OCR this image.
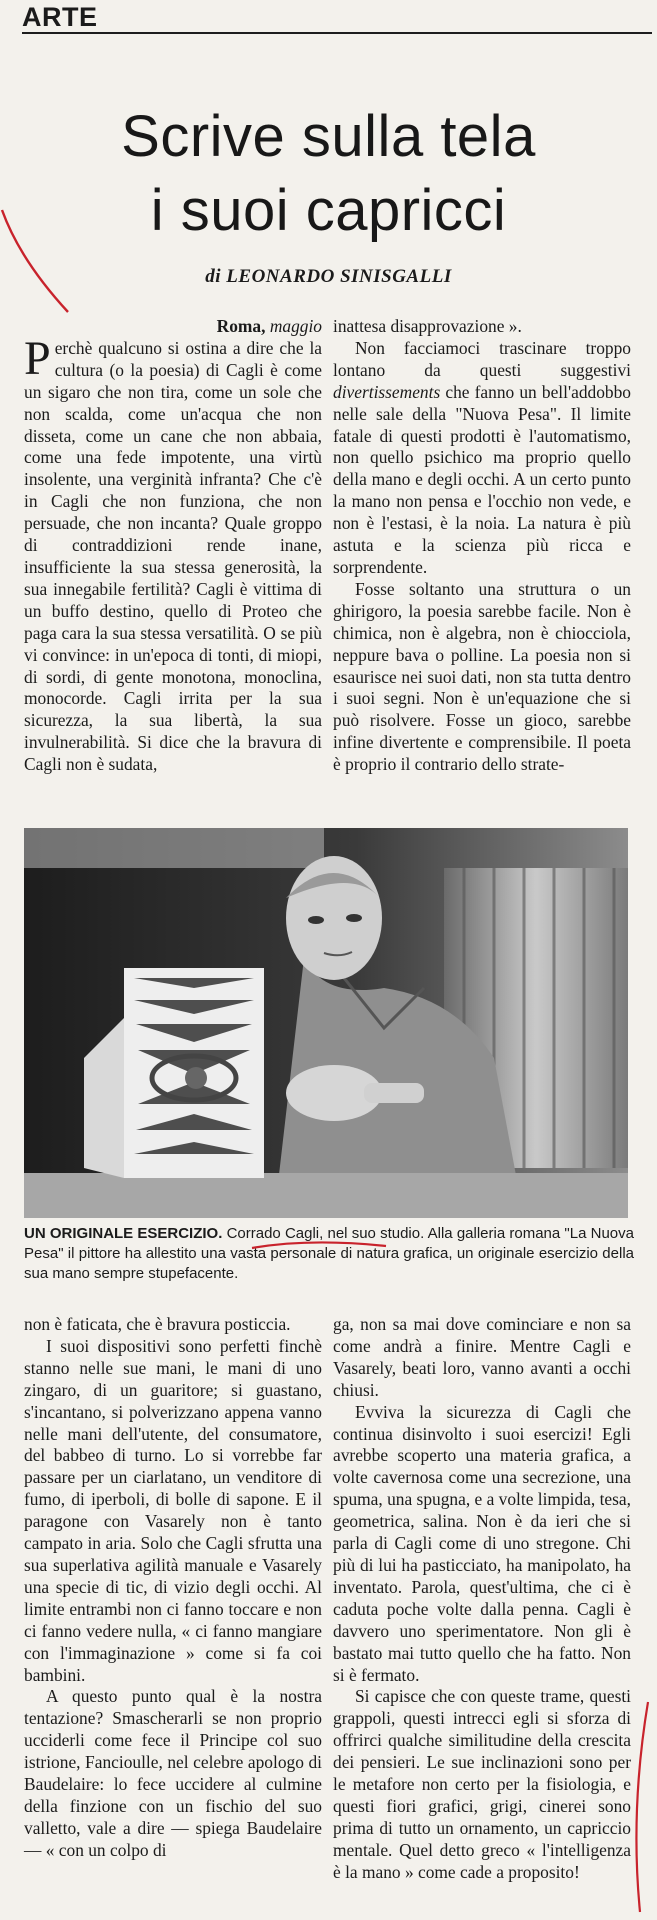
ARTE
Scrive sulla tela
i suoi capricci
di LEONARDO SINISGALLI
Roma, maggio

Perchè qualcuno si ostina a dire che la cultura (o la poesia) di Cagli è come un sigaro che non tira, come un sole che non scalda, come un'acqua che non disseta, come un cane che non abbaia, come una fede impotente, una virtù insolente, una verginità infranta? Che c'è in Cagli che non funziona, che non persuade, che non incanta? Quale groppo di contraddizioni rende inane, insufficiente la sua stessa generosità, la sua innegabile fertilità? Cagli è vittima di un buffo destino, quello di Proteo che paga cara la sua stessa versatilità. O se più vi convince: in un'epoca di tonti, di miopi, di sordi, di gente monotona, monoclina, monocorde. Cagli irrita per la sua sicurezza, la sua libertà, la sua invulnerabilità. Si dice che la bravura di Cagli non è sudata,

inattesa disapprovazione ».

Non facciamoci trascinare troppo lontano da questi suggestivi divertissements che fanno un bell'addobbo nelle sale della "Nuova Pesa". Il limite fatale di questi prodotti è l'automatismo, non quello psichico ma proprio quello della mano e degli occhi. A un certo punto la mano non pensa e l'occhio non vede, e non è l'estasi, è la noia. La natura è più astuta e la scienza più ricca e sorprendente.

Fosse soltanto una struttura o un ghirigoro, la poesia sarebbe facile. Non è chimica, non è algebra, non è chiocciola, neppure bava o polline. La poesia non si esaurisce nei suoi dati, non sta tutta dentro i suoi segni. Non è un'equazione che si può risolvere. Fosse un gioco, sarebbe infine divertente e comprensibile. Il poeta è proprio il contrario dello strate-

UN ORIGINALE ESERCIZIO. Corrado Cagli, nel suo studio. Alla galleria romana "La Nuova Pesa" il pittore ha allestito una vasta personale di natura grafica, un originale esercizio della sua mano sempre stupefacente.

non è faticata, che è bravura posticcia.

I suoi dispositivi sono perfetti finchè stanno nelle sue mani, le mani di uno zingaro, di un guaritore; si guastano, s'incantano, si polverizzano appena vanno nelle mani dell'utente, del consumatore, del babbeo di turno. Lo si vorrebbe far passare per un ciarlatano, un venditore di fumo, di iperboli, di bolle di sapone. E il paragone con Vasarely non è tanto campato in aria. Solo che Cagli sfrutta una sua superlativa agilità manuale e Vasarely una specie di tic, di vizio degli occhi. Al limite entrambi non ci fanno toccare e non ci fanno vedere nulla, « ci fanno mangiare con l'immaginazione » come si fa coi bambini.

A questo punto qual è la nostra tentazione? Smascherarli se non proprio ucciderli come fece il Principe col suo istrione, Fancioulle, nel celebre apologo di Baudelaire: lo fece uccidere al culmine della finzione con un fischio del suo valletto, vale a dire — spiega Baudelaire — « con un colpo di

ga, non sa mai dove cominciare e non sa come andrà a finire. Mentre Cagli e Vasarely, beati loro, vanno avanti a occhi chiusi.

Evviva la sicurezza di Cagli che continua disinvolto i suoi esercizi! Egli avrebbe scoperto una materia grafica, a volte cavernosa come una secrezione, una spuma, una spugna, e a volte limpida, tesa, geometrica, salina. Non è da ieri che si parla di Cagli come di uno stregone. Chi più di lui ha pasticciato, ha manipolato, ha inventato. Parola, quest'ultima, che ci è caduta poche volte dalla penna. Cagli è davvero uno sperimentatore. Non gli è bastato mai tutto quello che ha fatto. Non si è fermato.

Si capisce che con queste trame, questi grappoli, questi intrecci egli si sforza di offrirci qualche similitudine della crescita dei pensieri. Le sue inclinazioni sono per le metafore non certo per la fisiologia, e questi fiori grafici, grigi, cinerei sono prima di tutto un ornamento, un capriccio mentale. Quel detto greco « l'intelligenza è la mano » come cade a proposito!
